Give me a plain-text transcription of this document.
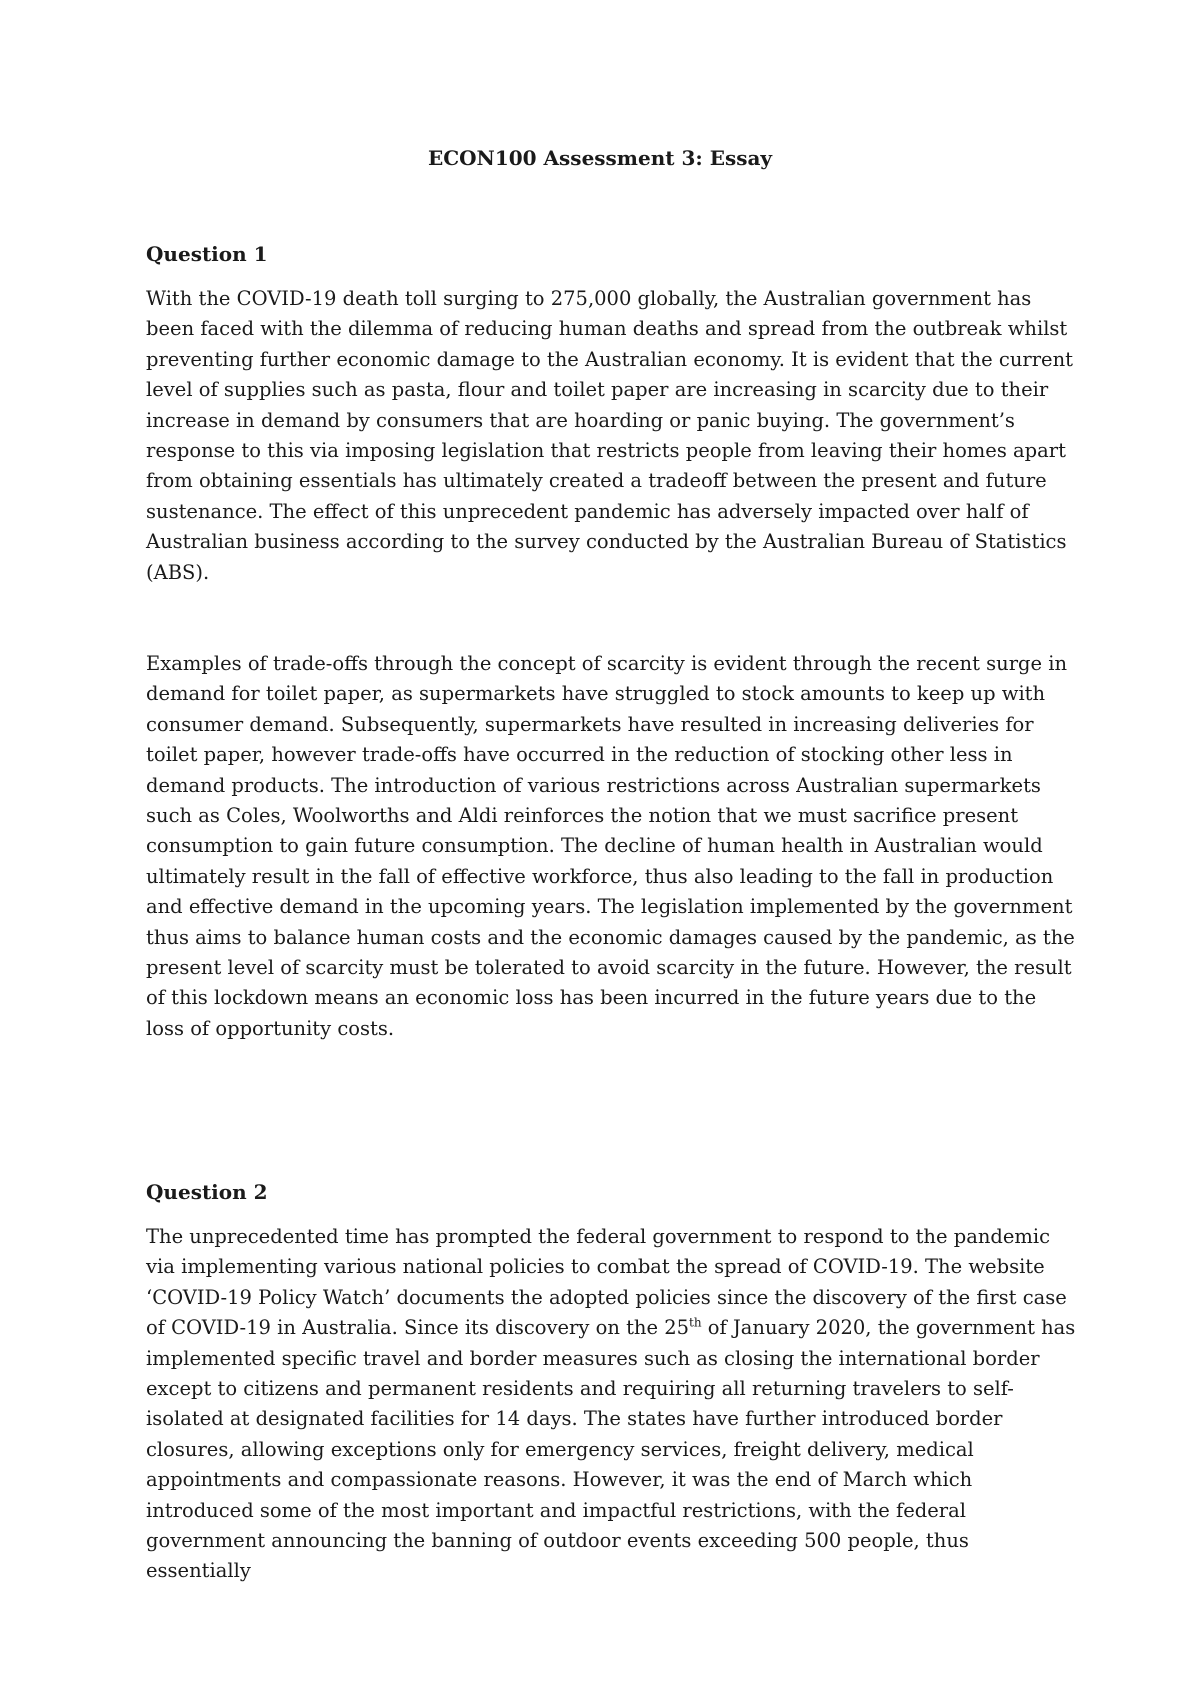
ECON100 Assessment 3: Essay
Question 1

With the COVID-19 death toll surging to 275,000 globally, the Australian government has been faced with the dilemma of reducing human deaths and spread from the outbreak whilst preventing further economic damage to the Australian economy. It is evident that the current level of supplies such as pasta, flour and toilet paper are increasing in scarcity due to their increase in demand by consumers that are hoarding or panic buying. The government’s response to this via imposing legislation that restricts people from leaving their homes apart from obtaining essentials has ultimately created a tradeoff between the present and future sustenance. The effect of this unprecedent pandemic has adversely impacted over half of Australian business according to the survey conducted by the Australian Bureau of Statistics (ABS).

Examples of trade-offs through the concept of scarcity is evident through the recent surge in demand for toilet paper, as supermarkets have struggled to stock amounts to keep up with consumer demand. Subsequently, supermarkets have resulted in increasing deliveries for toilet paper, however trade-offs have occurred in the reduction of stocking other less in demand products. The introduction of various restrictions across Australian supermarkets such as Coles, Woolworths and Aldi reinforces the notion that we must sacrifice present consumption to gain future consumption. The decline of human health in Australian would ultimately result in the fall of effective workforce, thus also leading to the fall in production and effective demand in the upcoming years. The legislation implemented by the government thus aims to balance human costs and the economic damages caused by the pandemic, as the present level of scarcity must be tolerated to avoid scarcity in the future. However, the result of this lockdown means an economic loss has been incurred in the future years due to the loss of opportunity costs.

Question 2

The unprecedented time has prompted the federal government to respond to the pandemic via implementing various national policies to combat the spread of COVID-19. The website ‘COVID-19 Policy Watch’ documents the adopted policies since the discovery of the first case of COVID-19 in Australia. Since its discovery on the 25th of January 2020, the government has implemented specific travel and border measures such as closing the international border except to citizens and permanent residents and requiring all returning travelers to self-isolated at designated facilities for 14 days. The states have further introduced border closures, allowing exceptions only for emergency services, freight delivery, medical appointments and compassionate reasons. However, it was the end of March which introduced some of the most important and impactful restrictions, with the federal government announcing the banning of outdoor events exceeding 500 people, thus essentially
